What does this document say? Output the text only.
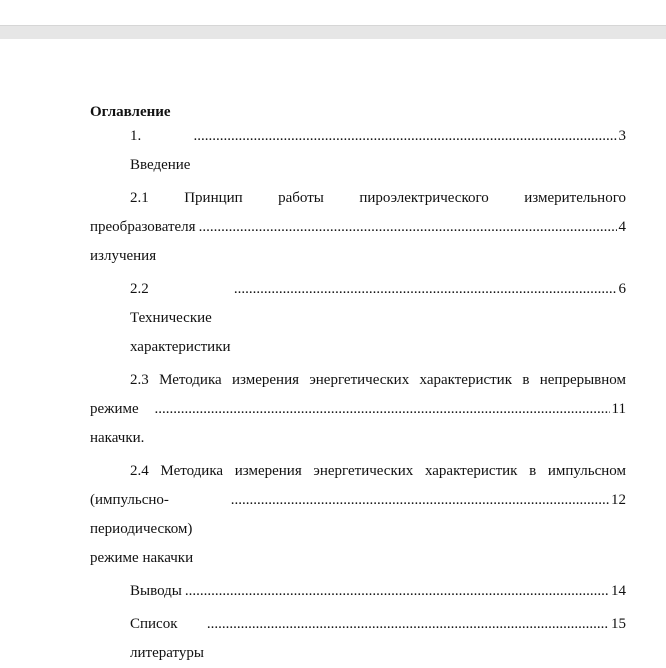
Оглавление
1. Введение
.....
3
2.1 Принцип работы пироэлектрического измерительного
преобразователя излучения
.....
4
2.2 Технические характеристики
.....
6
2.3 Методика измерения энергетических характеристик в непрерывном
режиме накачки.
.....
11
2.4 Методика измерения энергетических характеристик в импульсном
(импульсно-периодическом) режиме накачки
.....
12
Выводы
.....	14
Список литературы
.....
15
